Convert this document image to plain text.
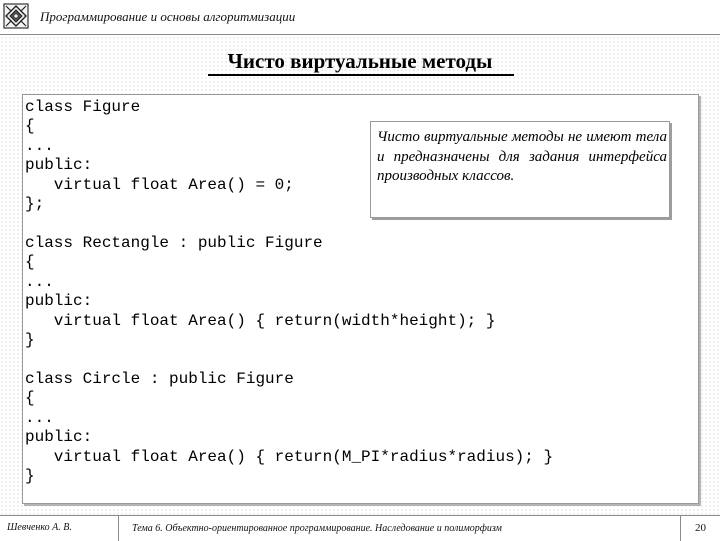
Программирование и основы алгоритмизации
Чисто виртуальные методы
class Figure
{
...
public:
virtual float Area() = 0;
};
class Rectangle : public Figure
{
...
public:
virtual float Area() { return(width*height); }
}
class Circle : public Figure
{
...
public:
virtual float Area() { return(M_PI*radius*radius); }
}

Чисто виртуальные методы не имеют тела и предназначены для задания интерфейса производных классов.

Шевченко А. В.	Тема 6. Объектно-ориентированное программирование. Наследование и полиморфизм	20
